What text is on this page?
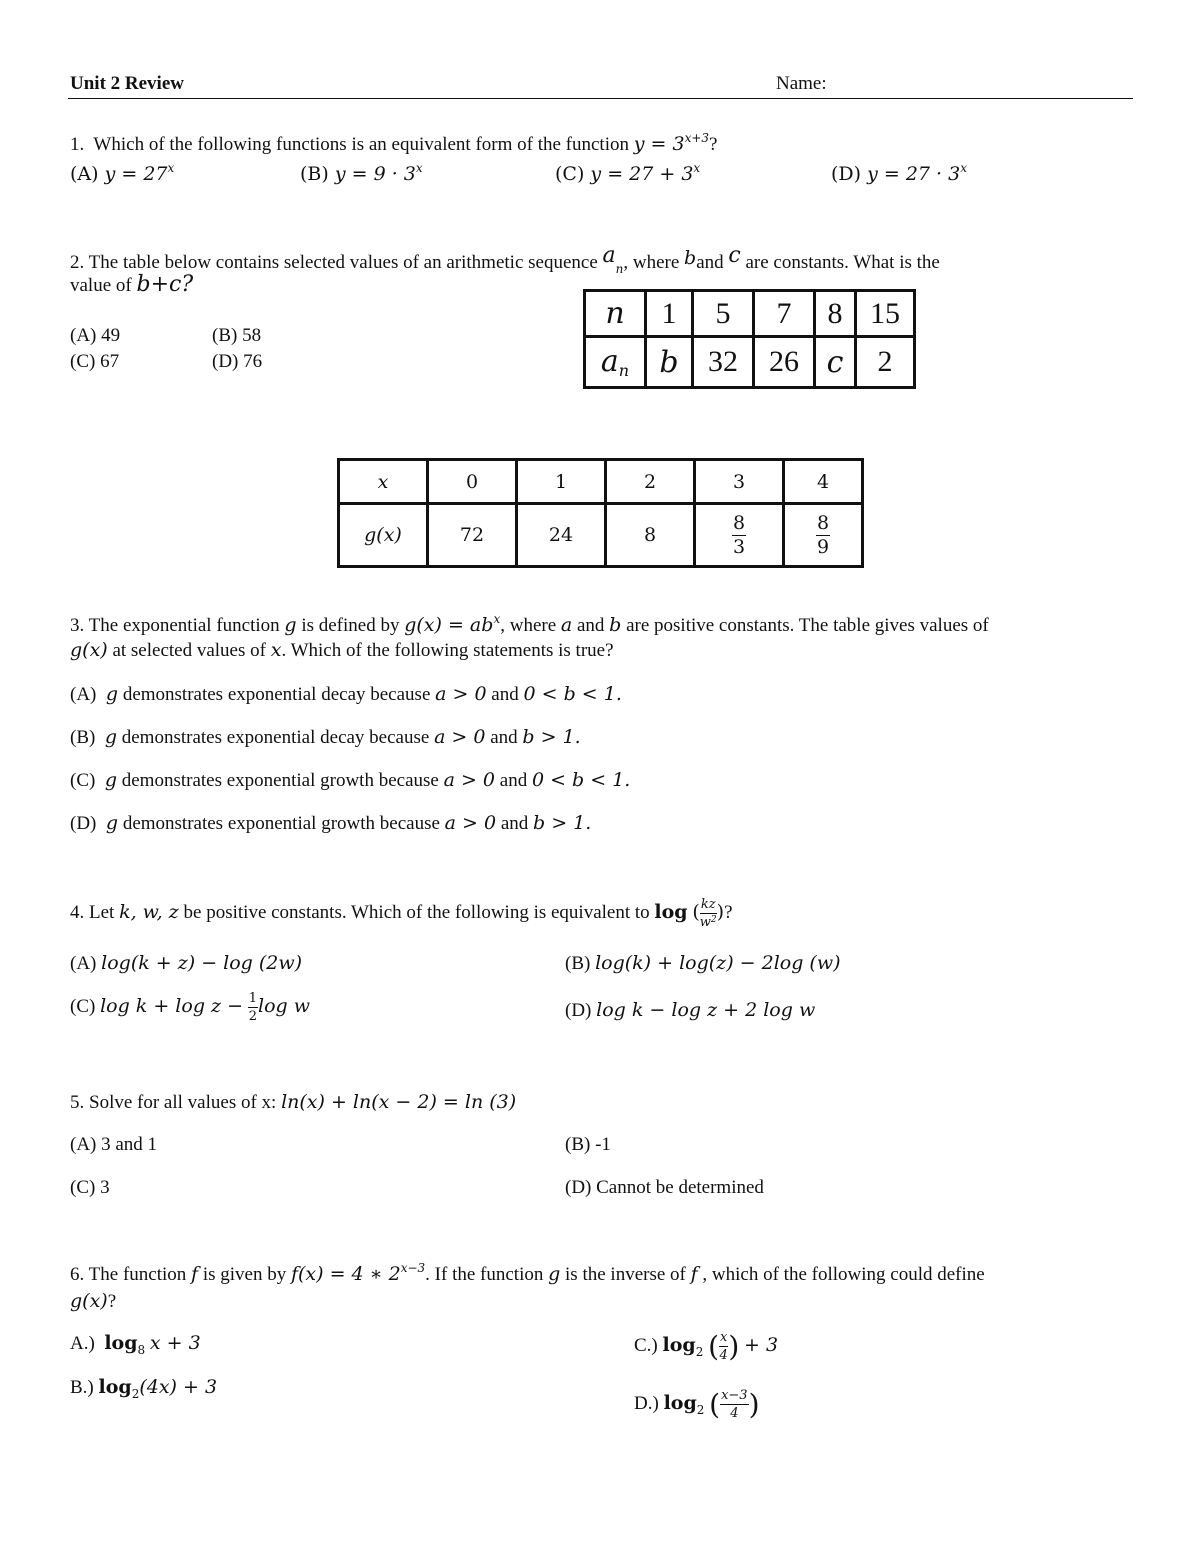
Unit 2 Review	Name:
1. Which of the following functions is an equivalent form of the function $y = 3^{x+3}$?
(A) $y = 27^x$	(B) $y = 9 \cdot 3^x$	(C) $y = 27 + 3^x$	(D) $y = 27 \cdot 3^x$
2. The table below contains selected values of an arithmetic sequence $a_n$, where band c are constants. What is the
value of b+c?
(A) 49	(B) 58
(C) 67	(D) 76
n	1	5	7	8	15
$a_n$	b	32	26	c	2
x	0	1	2	3	4
g(x)	72	24	8	$\frac{8}{3}$	$\frac{8}{9}$
3. The exponential function g is defined by $g(x) = ab^x$, where a and b are positive constants. The table gives values of
g(x) at selected values of x. Which of the following statements is true?
(A) g demonstrates exponential decay because a > 0 and 0 < b < 1.
(B) g demonstrates exponential decay because a > 0 and b > 1.
(C) g demonstrates exponential growth because a > 0 and 0 < b < 1.
(D) g demonstrates exponential growth because a > 0 and b > 1.
4. Let k, w, z be positive constants. Which of the following is equivalent to log ( $\frac{kz}{w^2}$ )?
(A) log(k + z) − log (2w)	(B) log(k) + log(z) − 2log (w)
(C) $\log k + \log z - \frac{1}{2}$ log w	(D) log k − log z + 2 log w
5. Solve for all values of x: ln(x) + ln(x − 2) = ln (3)
(A) 3 and 1	(B) -1
(C) 3	(D) Cannot be determined
6. The function f is given by f(x) = 4 ∗ $2^{x-3}$. If the function g is the inverse of f , which of the following could define
g(x)?
A.) $\log_8 x + 3$
B.) $\log_2(4x) + 3$
C.) $\log_2$ ( $\frac{x}{4}$ ) + 3
D.) $\log_2$ ( $\frac{x-3}{4}$ )
